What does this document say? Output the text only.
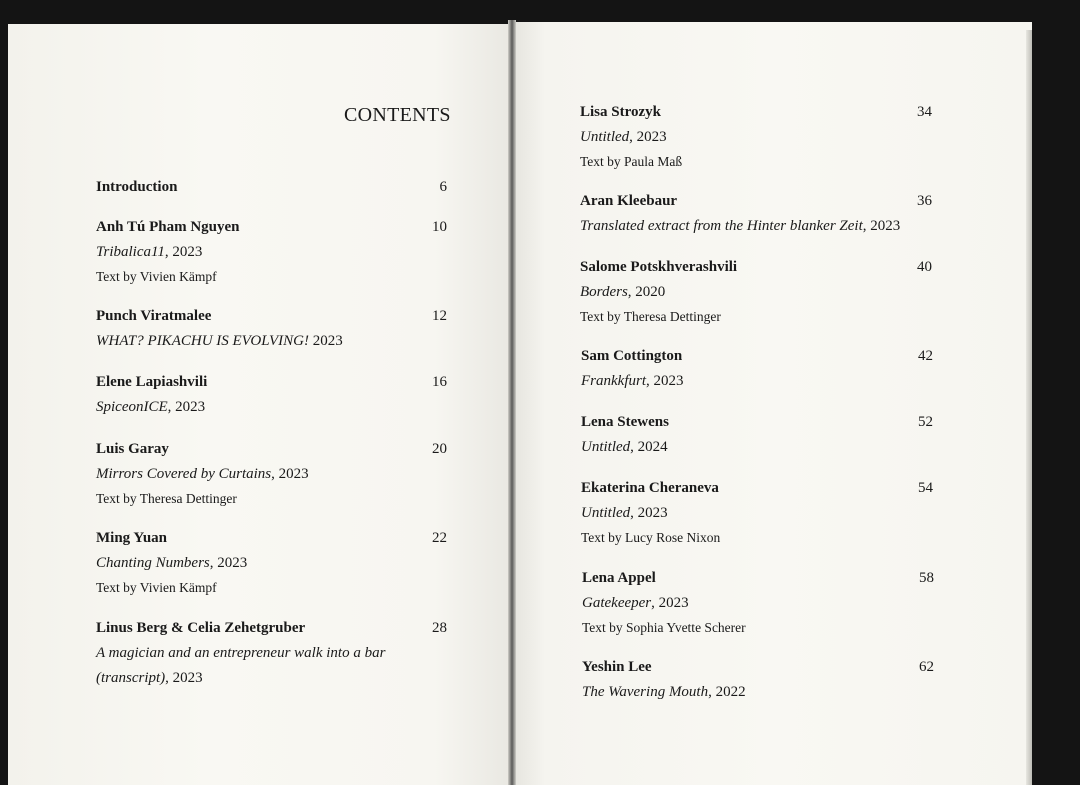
CONTENTS
Introduction	6
Anh Tú Pham Nguyen	10
Tribalica11, 2023
Text by Vivien Kämpf
Punch Viratmalee	12
WHAT? PIKACHU IS EVOLVING! 2023
Elene Lapiashvili	16
SpiceonICE, 2023
Luis Garay	20
Mirrors Covered by Curtains, 2023
Text by Theresa Dettinger
Ming Yuan	22
Chanting Numbers, 2023
Text by Vivien Kämpf
Linus Berg & Celia Zehetgruber	28
A magician and an entrepreneur walk into a bar
(transcript), 2023
Lisa Strozyk	34
Untitled, 2023
Text by Paula Maß
Aran Kleebaur	36
Translated extract from the Hinter blanker Zeit, 2023
Salome Potskhverashvili	40
Borders, 2020
Text by Theresa Dettinger
Sam Cottington	42
Frankkfurt, 2023
Lena Stewens	52
Untitled, 2024
Ekaterina Cheraneva	54
Untitled, 2023
Text by Lucy Rose Nixon
Lena Appel	58
Gatekeeper, 2023
Text by Sophia Yvette Scherer
Yeshin Lee	62
The Wavering Mouth, 2022
